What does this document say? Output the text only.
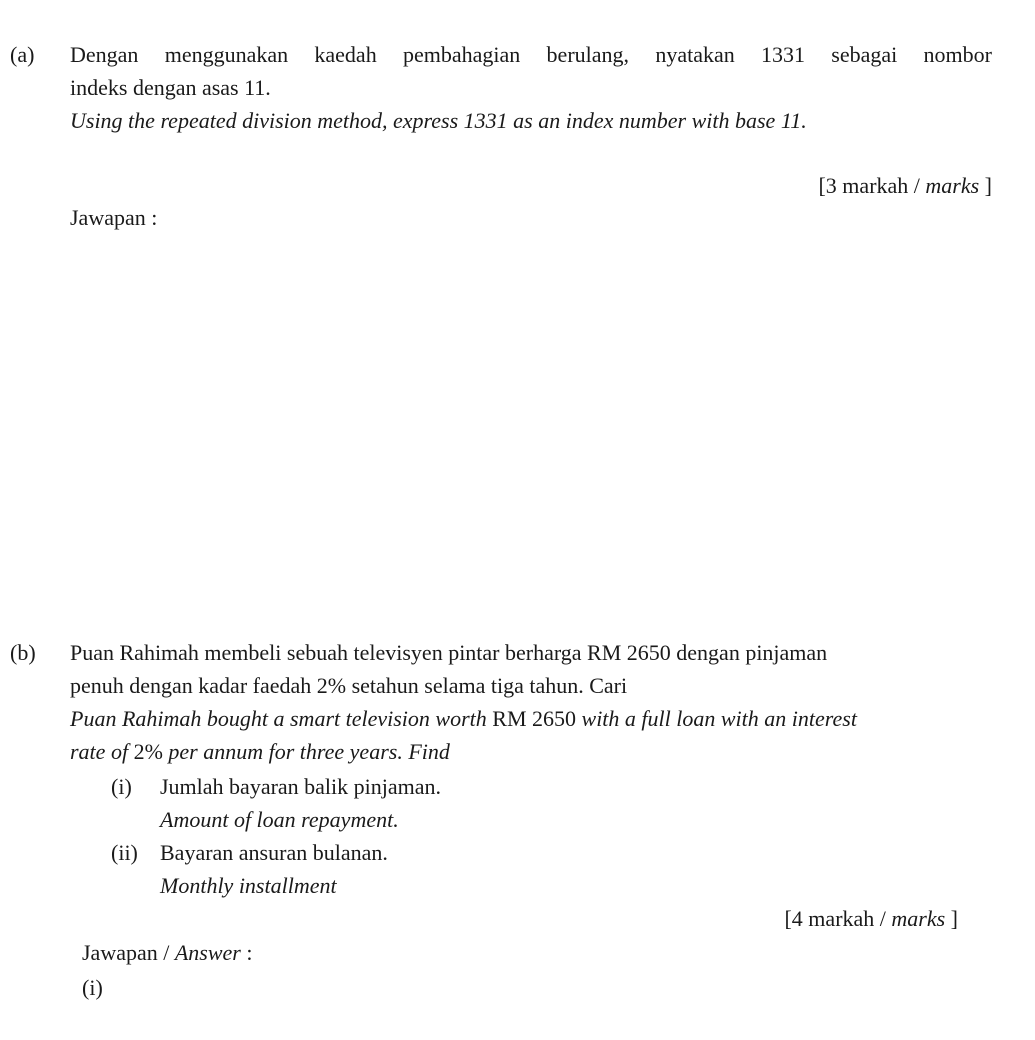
(a) Dengan menggunakan kaedah pembahagian berulang, nyatakan 1331 sebagai nombor
indeks dengan asas 11.
Using the repeated division method, express 1331 as an index number with base 11.
[3 markah / marks ]
Jawapan :
(b) Puan Rahimah membeli sebuah televisyen pintar berharga RM 2650 dengan pinjaman
penuh dengan kadar faedah 2% setahun selama tiga tahun. Cari
Puan Rahimah bought a smart television worth RM 2650 with a full loan with an interest
rate of 2% per annum for three years. Find
(i) Jumlah bayaran balik pinjaman.
Amount of loan repayment.
(ii) Bayaran ansuran bulanan.
Monthly installment
[4 markah / marks ]
Jawapan / Answer :
(i)
